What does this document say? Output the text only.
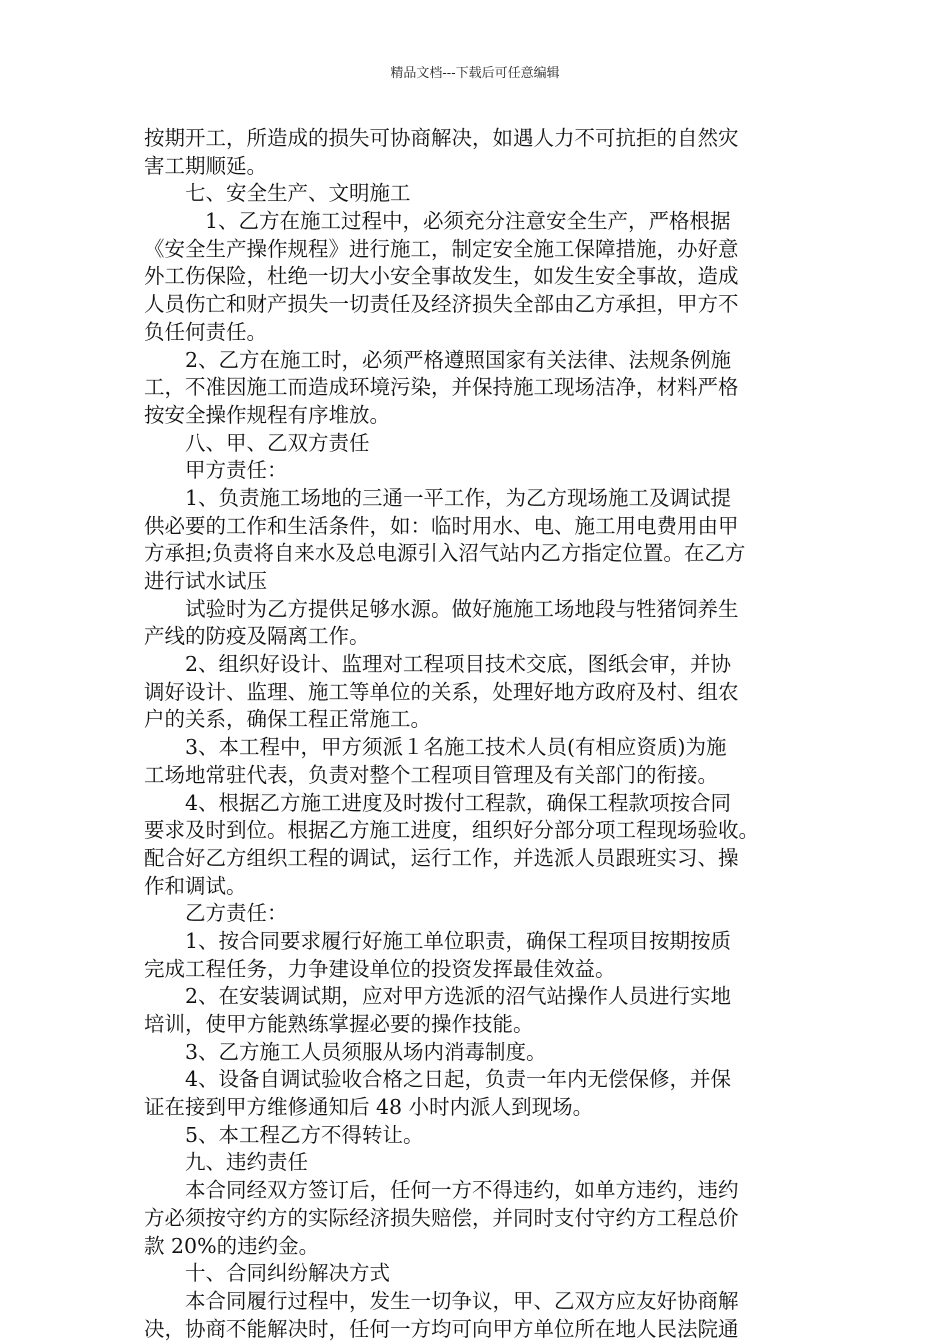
精品文档---下载后可任意编辑
按期开工，所造成的损失可协商解决，如遇人力不可抗拒的自然灾
害工期顺延。
七、安全生产、文明施工
1、乙方在施工过程中，必须充分注意安全生产，严格根据
《安全生产操作规程》进行施工，制定安全施工保障措施，办好意
外工伤保险，杜绝一切大小安全事故发生，如发生安全事故，造成
人员伤亡和财产损失一切责任及经济损失全部由乙方承担，甲方不
负任何责任。
2、乙方在施工时，必须严格遵照国家有关法律、法规条例施
工，不准因施工而造成环境污染，并保持施工现场洁净，材料严格
按安全操作规程有序堆放。
八、甲、乙双方责任
甲方责任：
1、负责施工场地的三通一平工作，为乙方现场施工及调试提
供必要的工作和生活条件，如：临时用水、电、施工用电费用由甲
方承担;负责将自来水及总电源引入沼气站内乙方指定位置。在乙方
进行试水试压
试验时为乙方提供足够水源。做好施施工场地段与牲猪饲养生
产线的防疫及隔离工作。
2、组织好设计、监理对工程项目技术交底，图纸会审，并协
调好设计、监理、施工等单位的关系，处理好地方政府及村、组农
户的关系，确保工程正常施工。
3、本工程中，甲方须派１名施工技术人员(有相应资质)为施
工场地常驻代表，负责对整个工程项目管理及有关部门的衔接。
4、根据乙方施工进度及时拨付工程款，确保工程款项按合同
要求及时到位。根据乙方施工进度，组织好分部分项工程现场验收。
配合好乙方组织工程的调试，运行工作，并选派人员跟班实习、操
作和调试。
乙方责任：
1、按合同要求履行好施工单位职责，确保工程项目按期按质
完成工程任务，力争建设单位的投资发挥最佳效益。
2、在安装调试期，应对甲方选派的沼气站操作人员进行实地
培训，使甲方能熟练掌握必要的操作技能。
3、乙方施工人员须服从场内消毒制度。
4、设备自调试验收合格之日起，负责一年内无偿保修，并保
证在接到甲方维修通知后 48 小时内派人到现场。
5、本工程乙方不得转让。
九、违约责任
本合同经双方签订后，任何一方不得违约，如单方违约，违约
方必须按守约方的实际经济损失赔偿，并同时支付守约方工程总价
款 20%的违约金。
十、合同纠纷解决方式
本合同履行过程中，发生一切争议，甲、乙双方应友好协商解
决，协商不能解决时，任何一方均可向甲方单位所在地人民法院通
